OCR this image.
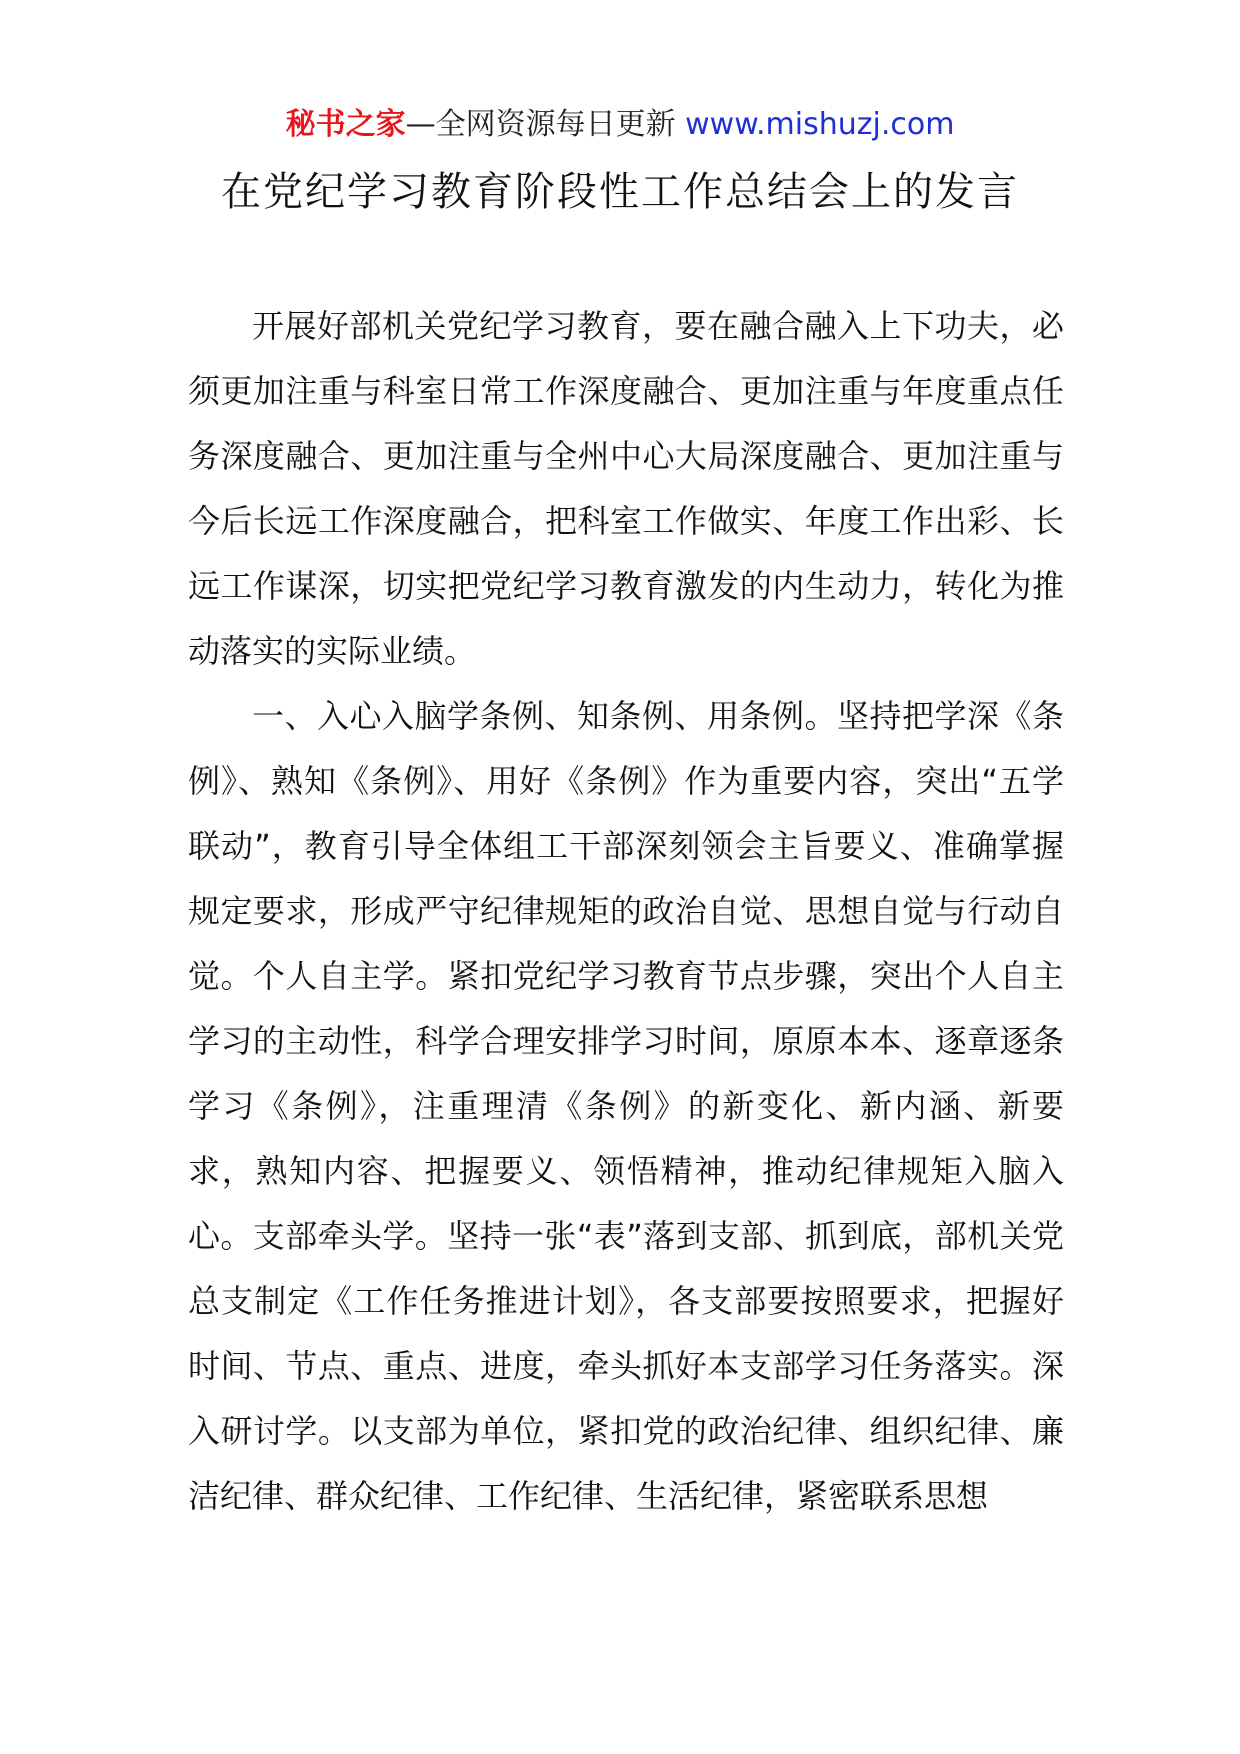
秘书之家—全网资源每日更新 www.mishuzj.com
在党纪学习教育阶段性工作总结会上的发言

开展好部机关党纪学习教育，要在融合融入上下功夫，必须更加注重与科室日常工作深度融合、更加注重与年度重点任务深度融合、更加注重与全州中心大局深度融合、更加注重与今后长远工作深度融合，把科室工作做实、年度工作出彩、长远工作谋深，切实把党纪学习教育激发的内生动力，转化为推动落实的实际业绩。

一、入心入脑学条例、知条例、用条例。坚持把学深《条例》、熟知《条例》、用好《条例》作为重要内容，突出“五学联动”，教育引导全体组工干部深刻领会主旨要义、准确掌握规定要求，形成严守纪律规矩的政治自觉、思想自觉与行动自觉。个人自主学。紧扣党纪学习教育节点步骤，突出个人自主学习的主动性，科学合理安排学习时间，原原本本、逐章逐条学习《条例》，注重理清《条例》的新变化、新内涵、新要求，熟知内容、把握要义、领悟精神，推动纪律规矩入脑入心。支部牵头学。坚持一张“表”落到支部、抓到底，部机关党总支制定《工作任务推进计划》，各支部要按照要求，把握好时间、节点、重点、进度，牵头抓好本支部学习任务落实。深入研讨学。以支部为单位，紧扣党的政治纪律、组织纪律、廉洁纪律、群众纪律、工作纪律、生活纪律，紧密联系思想
